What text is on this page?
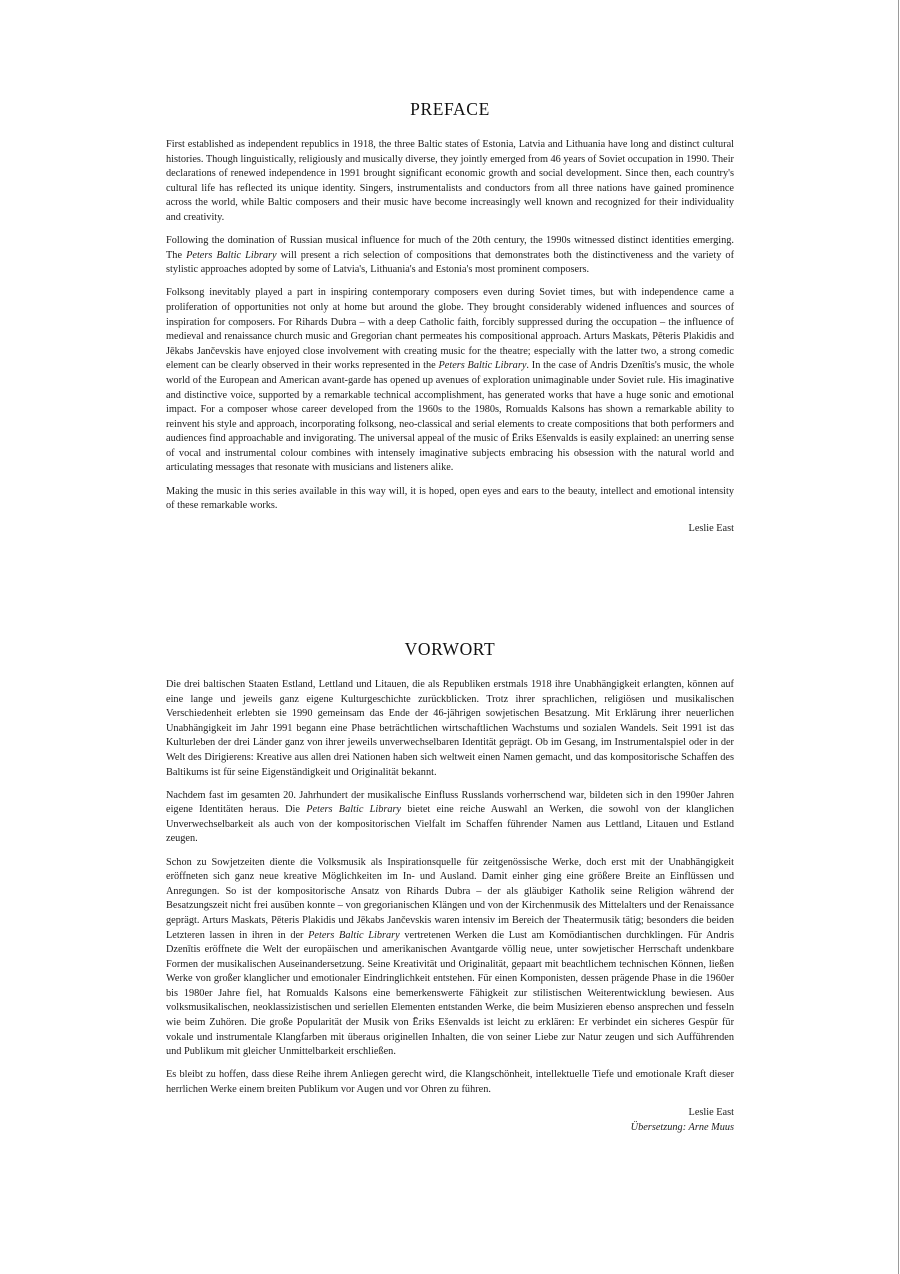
PREFACE

First established as independent republics in 1918, the three Baltic states of Estonia, Latvia and Lithuania have long and distinct cultural histories. Though linguistically, religiously and musically diverse, they jointly emerged from 46 years of Soviet occupation in 1990. Their declarations of renewed independence in 1991 brought significant economic growth and social development. Since then, each country's cultural life has reflected its unique identity. Singers, instrumentalists and conductors from all three nations have gained prominence across the world, while Baltic composers and their music have become increasingly well known and recognized for their individuality and creativity.

Following the domination of Russian musical influence for much of the 20th century, the 1990s witnessed distinct identities emerging. The Peters Baltic Library will present a rich selection of compositions that demonstrates both the distinctiveness and the variety of stylistic approaches adopted by some of Latvia's, Lithuania's and Estonia's most prominent composers.

Folksong inevitably played a part in inspiring contemporary composers even during Soviet times, but with independence came a proliferation of opportunities not only at home but around the globe. They brought considerably widened influences and sources of inspiration for composers. For Rihards Dubra – with a deep Catholic faith, forcibly suppressed during the occupation – the influence of medieval and renaissance church music and Gregorian chant permeates his compositional approach. Arturs Maskats, Pēteris Plakidis and Jēkabs Jančevskis have enjoyed close involvement with creating music for the theatre; especially with the latter two, a strong comedic element can be clearly observed in their works represented in the Peters Baltic Library. In the case of Andris Dzenītis's music, the whole world of the European and American avant-garde has opened up avenues of exploration unimaginable under Soviet rule. His imaginative and distinctive voice, supported by a remarkable technical accomplishment, has generated works that have a huge sonic and emotional impact. For a composer whose career developed from the 1960s to the 1980s, Romualds Kalsons has shown a remarkable ability to reinvent his style and approach, incorporating folksong, neo-classical and serial elements to create compositions that both performers and audiences find approachable and invigorating. The universal appeal of the music of Ēriks Ešenvalds is easily explained: an unerring sense of vocal and instrumental colour combines with intensely imaginative subjects embracing his obsession with the natural world and articulating messages that resonate with musicians and listeners alike.

Making the music in this series available in this way will, it is hoped, open eyes and ears to the beauty, intellect and emotional intensity of these remarkable works.

Leslie East

VORWORT

Die drei baltischen Staaten Estland, Lettland und Litauen, die als Republiken erstmals 1918 ihre Unabhängigkeit erlangten, können auf eine lange und jeweils ganz eigene Kulturgeschichte zurückblicken. Trotz ihrer sprachlichen, religiösen und musikalischen Verschiedenheit erlebten sie 1990 gemeinsam das Ende der 46-jährigen sowjetischen Besatzung. Mit Erklärung ihrer neuerlichen Unabhängigkeit im Jahr 1991 begann eine Phase beträchtlichen wirtschaftlichen Wachstums und sozialen Wandels. Seit 1991 ist das Kulturleben der drei Länder ganz von ihrer jeweils unverwechselbaren Identität geprägt. Ob im Gesang, im Instrumentalspiel oder in der Welt des Dirigierens: Kreative aus allen drei Nationen haben sich weltweit einen Namen gemacht, und das kompositorische Schaffen des Baltikums ist für seine Eigenständigkeit und Originalität bekannt.

Nachdem fast im gesamten 20. Jahrhundert der musikalische Einfluss Russlands vorherrschend war, bildeten sich in den 1990er Jahren eigene Identitäten heraus. Die Peters Baltic Library bietet eine reiche Auswahl an Werken, die sowohl von der klanglichen Unverwechselbarkeit als auch von der kompositorischen Vielfalt im Schaffen führender Namen aus Lettland, Litauen und Estland zeugen.

Schon zu Sowjetzeiten diente die Volksmusik als Inspirationsquelle für zeitgenössische Werke, doch erst mit der Unabhängigkeit eröffneten sich ganz neue kreative Möglichkeiten im In- und Ausland. Damit einher ging eine größere Breite an Einflüssen und Anregungen. So ist der kompositorische Ansatz von Rihards Dubra – der als gläubiger Katholik seine Religion während der Besatzungszeit nicht frei ausüben konnte – von gregorianischen Klängen und von der Kirchenmusik des Mittelalters und der Renaissance geprägt. Arturs Maskats, Pēteris Plakidis und Jēkabs Jančevskis waren intensiv im Bereich der Theatermusik tätig; besonders die beiden Letzteren lassen in ihren in der Peters Baltic Library vertretenen Werken die Lust am Komödiantischen durchklingen. Für Andris Dzenītis eröffnete die Welt der europäischen und amerikanischen Avantgarde völlig neue, unter sowjetischer Herrschaft undenkbare Formen der musikalischen Auseinandersetzung. Seine Kreativität und Originalität, gepaart mit beachtlichem technischen Können, ließen Werke von großer klanglicher und emotionaler Eindringlichkeit entstehen. Für einen Komponisten, dessen prägende Phase in die 1960er bis 1980er Jahre fiel, hat Romualds Kalsons eine bemerkenswerte Fähigkeit zur stilistischen Weiterentwicklung bewiesen. Aus volksmusikalischen, neoklassizistischen und seriellen Elementen entstanden Werke, die beim Musizieren ebenso ansprechen und fesseln wie beim Zuhören. Die große Popularität der Musik von Ēriks Ešenvalds ist leicht zu erklären: Er verbindet ein sicheres Gespür für vokale und instrumentale Klangfarben mit überaus originellen Inhalten, die von seiner Liebe zur Natur zeugen und sich Aufführenden und Publikum mit gleicher Unmittelbarkeit erschließen.

Es bleibt zu hoffen, dass diese Reihe ihrem Anliegen gerecht wird, die Klangschönheit, intellektuelle Tiefe und emotionale Kraft dieser herrlichen Werke einem breiten Publikum vor Augen und vor Ohren zu führen.

Leslie East

Übersetzung: Arne Muus
